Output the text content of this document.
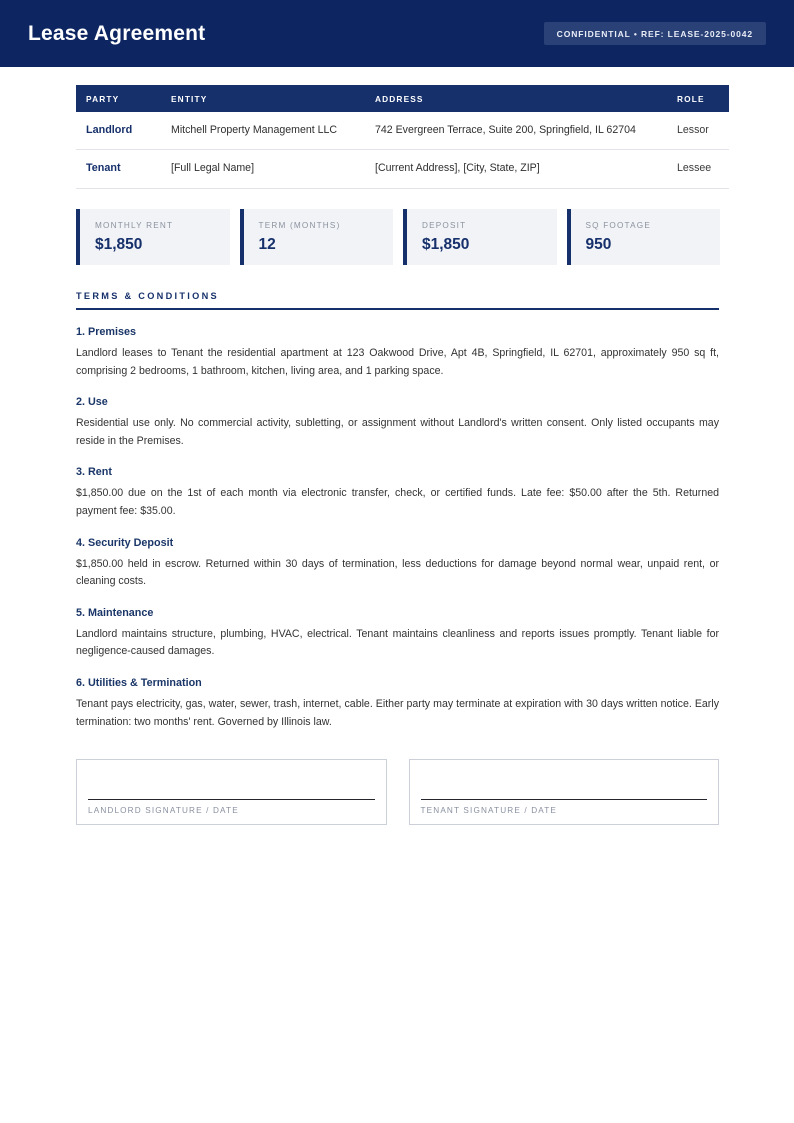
Lease Agreement	CONFIDENTIAL • REF: LEASE-2025-0042
PARTY	ENTITY	ADDRESS	ROLE
Landlord	Mitchell Property Management LLC	742 Evergreen Terrace, Suite 200, Springfield, IL 62704	Lessor
Tenant	[Full Legal Name]	[Current Address], [City, State, ZIP]	Lessee
MONTHLY RENT
$1,850
TERM (MONTHS)
12
DEPOSIT
$1,850
SQ FOOTAGE
950
TERMS & CONDITIONS
1. Premises

Landlord leases to Tenant the residential apartment at 123 Oakwood Drive, Apt 4B, Springfield, IL 62701, approximately 950 sq ft, comprising 2 bedrooms, 1 bathroom, kitchen, living area, and 1 parking space.

2. Use

Residential use only. No commercial activity, subletting, or assignment without Landlord's written consent. Only listed occupants may reside in the Premises.

3. Rent

$1,850.00 due on the 1st of each month via electronic transfer, check, or certified funds. Late fee: $50.00 after the 5th. Returned payment fee: $35.00.

4. Security Deposit

$1,850.00 held in escrow. Returned within 30 days of termination, less deductions for damage beyond normal wear, unpaid rent, or cleaning costs.

5. Maintenance

Landlord maintains structure, plumbing, HVAC, electrical. Tenant maintains cleanliness and reports issues promptly. Tenant liable for negligence-caused damages.

6. Utilities & Termination

Tenant pays electricity, gas, water, sewer, trash, internet, cable. Either party may terminate at expiration with 30 days written notice. Early termination: two months' rent. Governed by Illinois law.

LANDLORD SIGNATURE / DATE	TENANT SIGNATURE / DATE
